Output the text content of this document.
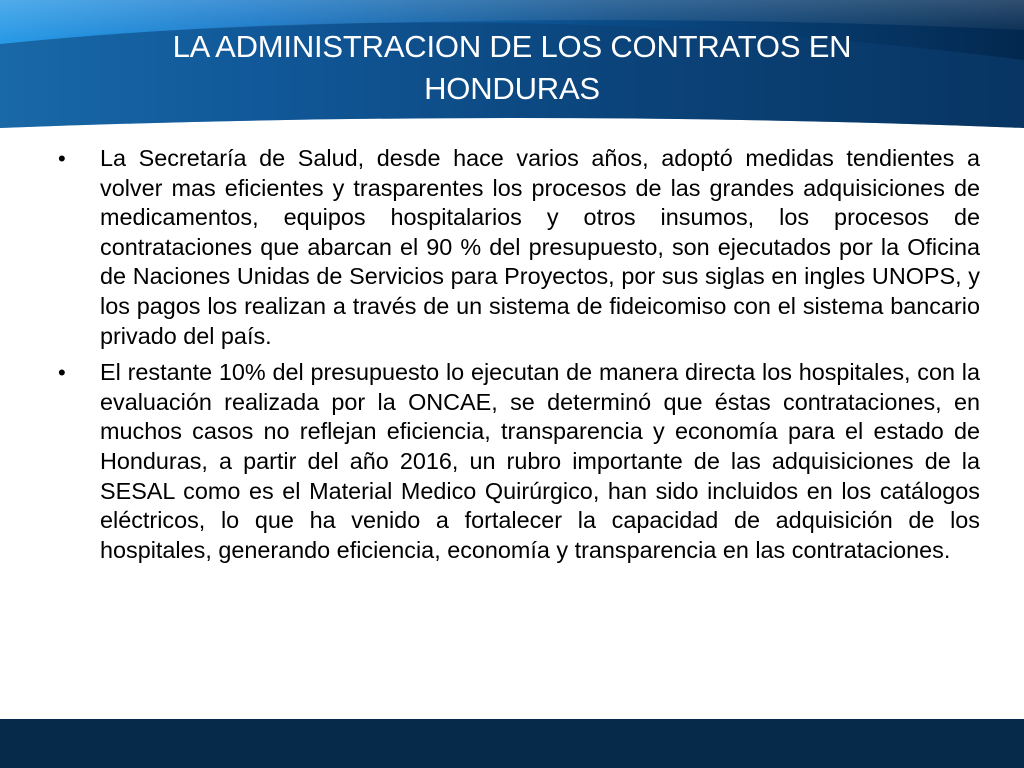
LA ADMINISTRACION DE LOS CONTRATOS EN
HONDURAS
• La Secretaría de Salud, desde hace varios años, adoptó medidas tendientes a volver mas eficientes y trasparentes los procesos de las grandes adquisiciones de medicamentos, equipos hospitalarios y otros insumos, los procesos de contrataciones que abarcan el 90 % del presupuesto, son ejecutados por la Oficina de Naciones Unidas de Servicios para Proyectos, por sus siglas en ingles UNOPS, y los pagos los realizan a través de un sistema de fideicomiso con el sistema bancario privado del país.
• El restante 10% del presupuesto lo ejecutan de manera directa los hospitales, con la evaluación realizada por la ONCAE, se determinó que éstas contrataciones, en muchos casos no reflejan eficiencia, transparencia y economía para el estado de Honduras, a partir del año 2016, un rubro importante de las adquisiciones de la SESAL como es el Material Medico Quirúrgico, han sido incluidos en los catálogos eléctricos, lo que ha venido a fortalecer la capacidad de adquisición de los hospitales, generando eficiencia, economía y transparencia en las contrataciones.
